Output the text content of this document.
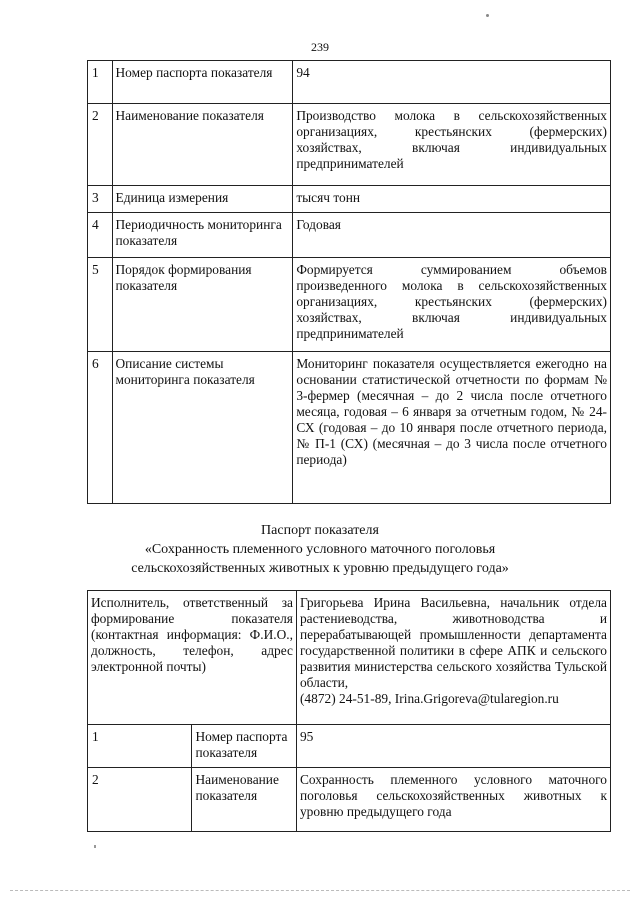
239
1	Номер паспорта показателя	94
2	Наименование показателя	Производство молока в сельскохозяйственных организациях, крестьянских (фермерских) хозяйствах, включая индивидуальных предпринимателей
3	Единица измерения	тысяч тонн
4	Периодичность мониторинга показателя	Годовая
5	Порядок формирования показателя	Формируется суммированием объемов произведенного молока в сельскохозяйственных организациях, крестьянских (фермерских) хозяйствах, включая индивидуальных предпринимателей
6	Описание системы мониторинга показателя	Мониторинг показателя осуществляется ежегодно на основании статистической отчетности по формам № 3-фермер (месячная – до 2 числа после отчетного месяца, годовая – 6 января за отчетным годом, № 24-СХ (годовая – до 10 января после отчетного периода, № П-1 (СХ) (месячная – до 3 числа после отчетного периода)
Паспорт показателя
«Сохранность племенного условного маточного поголовья
сельскохозяйственных животных к уровню предыдущего года»
Исполнитель, ответственный за формирование показателя (контактная информация: Ф.И.О., должность, телефон, адрес электронной почты)		Григорьева Ирина Васильевна, начальник отдела растениеводства, животноводства и перерабатывающей промышленности департамента государственной политики в сфере АПК и сельского развития министерства сельского хозяйства Тульской области,
(4872) 24-51-89, Irina.Grigoreva@tularegion.ru
1	Номер паспорта показателя	95
2	Наименование показателя	Сохранность племенного условного маточного поголовья сельскохозяйственных животных к уровню предыдущего года
